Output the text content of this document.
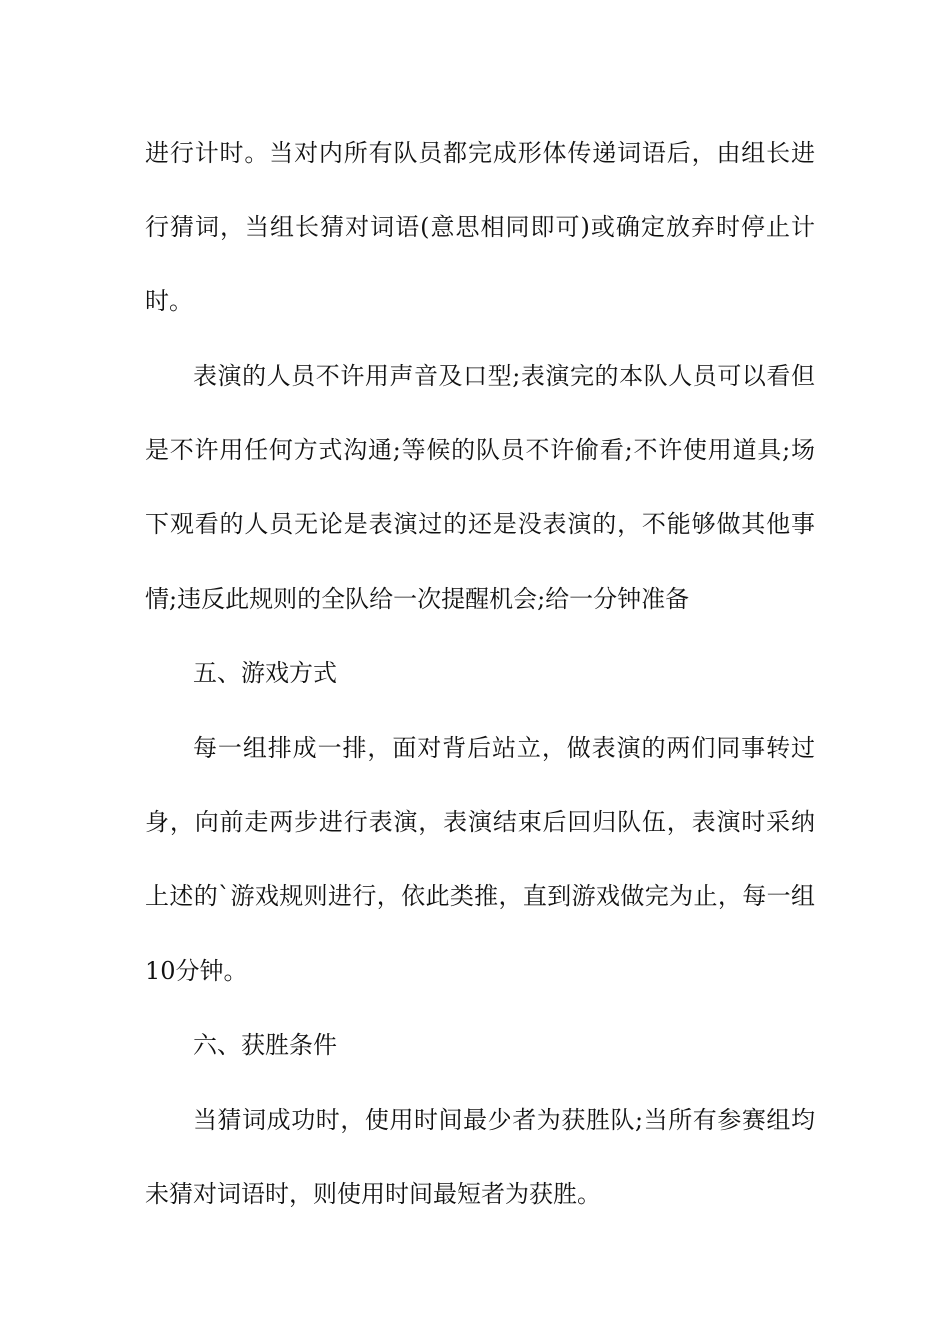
进行计时。当对内所有队员都完成形体传递词语后，由组长进
行猜词，当组长猜对词语(意思相同即可)或确定放弃时停止计
时。
表演的人员不许用声音及口型;表演完的本队人员可以看但
是不许用任何方式沟通;等候的队员不许偷看;不许使用道具;场
下观看的人员无论是表演过的还是没表演的，不能够做其他事
情;违反此规则的全队给一次提醒机会;给一分钟准备
五、游戏方式
每一组排成一排，面对背后站立，做表演的两们同事转过
身，向前走两步进行表演，表演结束后回归队伍，表演时采纳
上述的`游戏规则进行，依此类推，直到游戏做完为止，每一组
10分钟。
六、获胜条件
当猜词成功时，使用时间最少者为获胜队;当所有参赛组均
未猜对词语时，则使用时间最短者为获胜。
